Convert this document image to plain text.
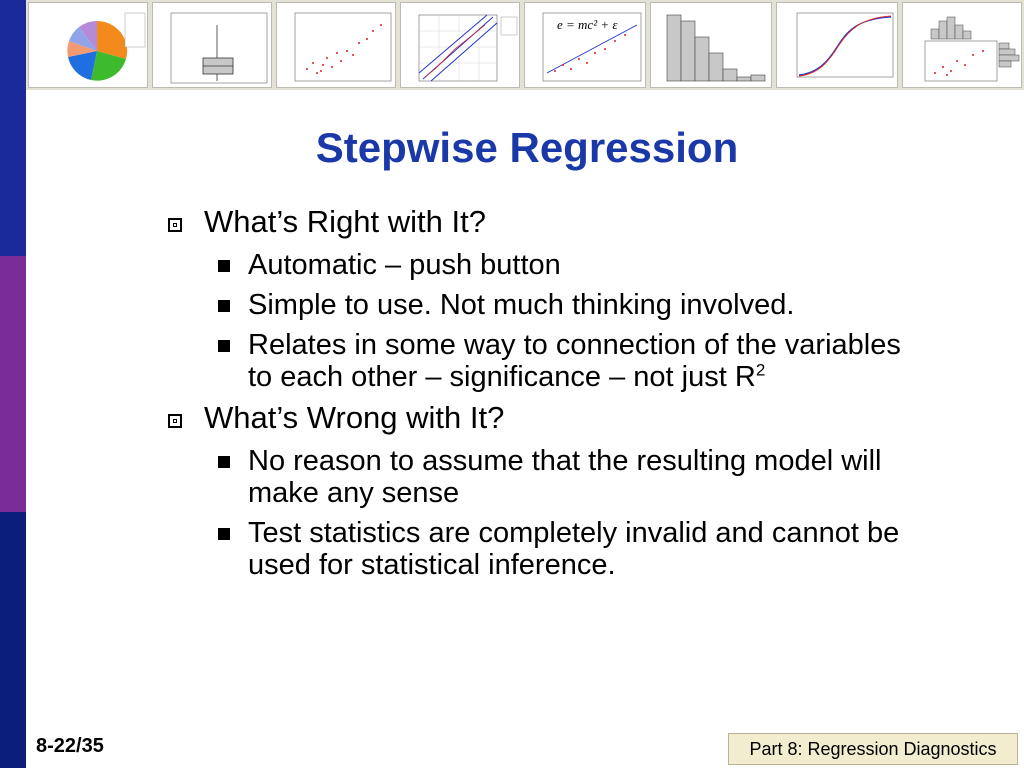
e = mc² + ε
Stepwise Regression
What’s Right with It?
Automatic – push button
Simple to use. Not much thinking involved.
Relates in some way to connection of the variables to each other – significance – not just $R^2$
What’s Wrong with It?
No reason to assume that the resulting model will make any sense
Test statistics are completely invalid and cannot be used for statistical inference.
8-22/35	Part 8: Regression Diagnostics
